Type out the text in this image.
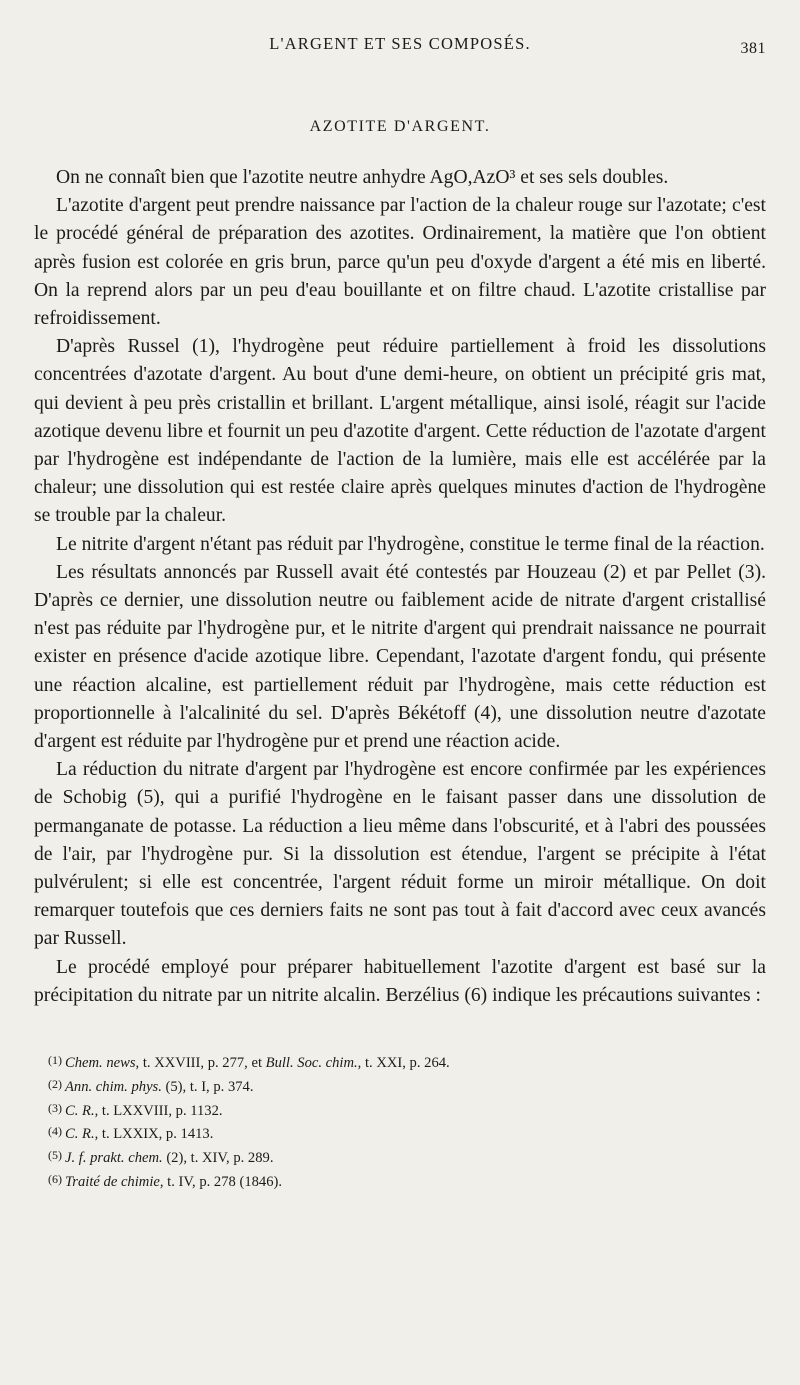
L'ARGENT ET SES COMPOSÉS.	381
AZOTITE D'ARGENT.

On ne connaît bien que l'azotite neutre anhydre AgO,AzO³ et ses sels doubles.

L'azotite d'argent peut prendre naissance par l'action de la chaleur rouge sur l'azotate; c'est le procédé général de préparation des azotites. Ordinairement, la matière que l'on obtient après fusion est colorée en gris brun, parce qu'un peu d'oxyde d'argent a été mis en liberté. On la reprend alors par un peu d'eau bouillante et on filtre chaud. L'azotite cristallise par refroidissement.

D'après Russel (1), l'hydrogène peut réduire partiellement à froid les dissolutions concentrées d'azotate d'argent. Au bout d'une demi-heure, on obtient un précipité gris mat, qui devient à peu près cristallin et brillant. L'argent métallique, ainsi isolé, réagit sur l'acide azotique devenu libre et fournit un peu d'azotite d'argent. Cette réduction de l'azotate d'argent par l'hydrogène est indépendante de l'action de la lumière, mais elle est accélérée par la chaleur; une dissolution qui est restée claire après quelques minutes d'action de l'hydrogène se trouble par la chaleur.

Le nitrite d'argent n'étant pas réduit par l'hydrogène, constitue le terme final de la réaction.

Les résultats annoncés par Russell avait été contestés par Houzeau (2) et par Pellet (3). D'après ce dernier, une dissolution neutre ou faiblement acide de nitrate d'argent cristallisé n'est pas réduite par l'hydrogène pur, et le nitrite d'argent qui prendrait naissance ne pourrait exister en présence d'acide azotique libre. Cependant, l'azotate d'argent fondu, qui présente une réaction alcaline, est partiellement réduit par l'hydrogène, mais cette réduction est proportionnelle à l'alcalinité du sel. D'après Békétoff (4), une dissolution neutre d'azotate d'argent est réduite par l'hydrogène pur et prend une réaction acide.

La réduction du nitrate d'argent par l'hydrogène est encore confirmée par les expériences de Schobig (5), qui a purifié l'hydrogène en le faisant passer dans une dissolution de permanganate de potasse. La réduction a lieu même dans l'obscurité, et à l'abri des poussées de l'air, par l'hydrogène pur. Si la dissolution est étendue, l'argent se précipite à l'état pulvérulent; si elle est concentrée, l'argent réduit forme un miroir métallique. On doit remarquer toutefois que ces derniers faits ne sont pas tout à fait d'accord avec ceux avancés par Russell.

Le procédé employé pour préparer habituellement l'azotite d'argent est basé sur la précipitation du nitrate par un nitrite alcalin. Berzélius (6) indique les précautions suivantes :

$^{(1)}$ Chem. news, t. XXVIII, p. 277, et Bull. Soc. chim., t. XXI, p. 264.
$^{(2)}$ Ann. chim. phys. (5), t. I, p. 374.
$^{(3)}$ C. R., t. LXXVIII, p. 1132.
$^{(4)}$ C. R., t. LXXIX, p. 1413.
$^{(5)}$ J. f. prakt. chem. (2), t. XIV, p. 289.
$^{(6)}$ Traité de chimie, t. IV, p. 278 (1846).
